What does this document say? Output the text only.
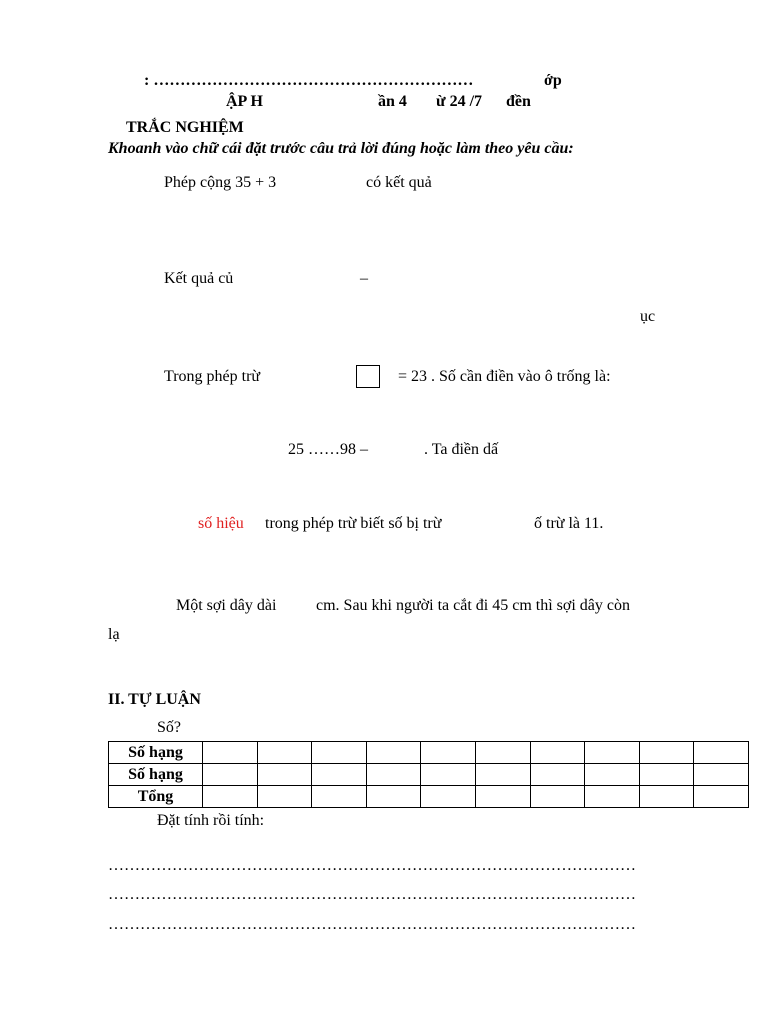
: ……………………………………………………	ớp
ẬP H	ần 4 ừ 24 /7 đền
TRẮC NGHIỆM
Khoanh vào chữ cái đặt trước câu trả lời đúng hoặc làm theo yêu cầu:
Phép cộng 35 + 3	có kết quả
Kết quả củ	–
ục
Trong phép trừ	= 23 . Số cần điền vào ô trống là:
25 ……98 –	. Ta điền dấ
số hiệu trong phép trừ biết số bị trừ	ố trừ là 11.
Một sợi dây dài cm. Sau khi người ta cắt đi 45 cm thì sợi dây còn
lạ
II. TỰ LUẬN
Số?
Số hạng										
Số hạng										
Tổng										
Đặt tính rồi tính:
………………………………………………………………………………………
………………………………………………………………………………………
………………………………………………………………………………………
